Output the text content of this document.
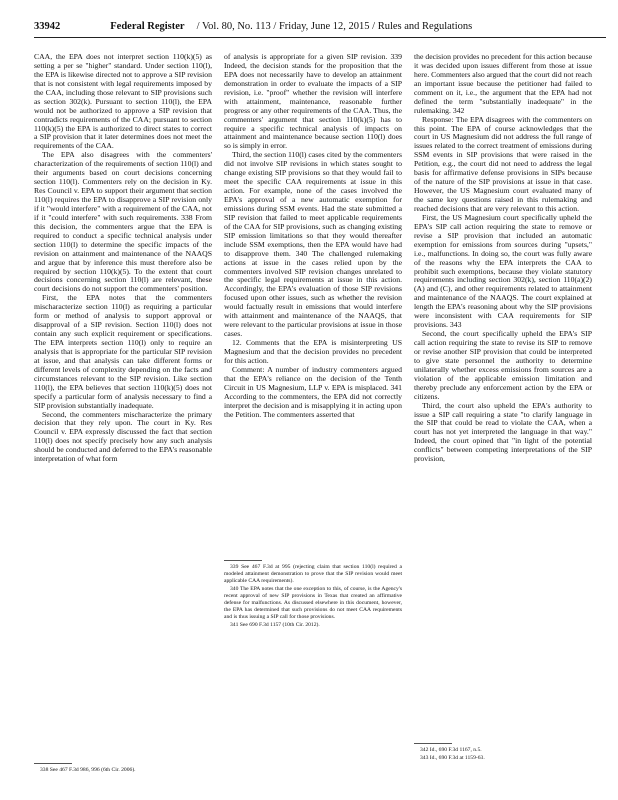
33942	Federal Register / Vol. 80, No. 113 / Friday, June 12, 2015 / Rules and Regulations

CAA, the EPA does not interpret section 110(k)(5) as setting a per se "higher" standard. Under section 110(l), the EPA is likewise directed not to approve a SIP revision that is not consistent with legal requirements imposed by the CAA, including those relevant to SIP provisions such as section 302(k). Pursuant to section 110(l), the EPA would not be authorized to approve a SIP revision that contradicts requirements of the CAA; pursuant to section 110(k)(5) the EPA is authorized to direct states to correct a SIP provision that it later determines does not meet the requirements of the CAA.

The EPA also disagrees with the commenters' characterization of the requirements of section 110(l) and their arguments based on court decisions concerning section 110(l). Commenters rely on the decision in Ky. Res Council v. EPA to support their argument that section 110(l) requires the EPA to disapprove a SIP revision only if it "would interfere" with a requirement of the CAA, not if it "could interfere" with such requirements. 338 From this decision, the commenters argue that the EPA is required to conduct a specific technical analysis under section 110(l) to determine the specific impacts of the revision on attainment and maintenance of the NAAQS and argue that by inference this must therefore also be required by section 110(k)(5). To the extent that court decisions concerning section 110(l) are relevant, these court decisions do not support the commenters' position.

First, the EPA notes that the commenters mischaracterize section 110(l) as requiring a particular form or method of analysis to support approval or disapproval of a SIP revision. Section 110(l) does not contain any such explicit requirement or specifications. The EPA interprets section 110(l) only to require an analysis that is appropriate for the particular SIP revision at issue, and that analysis can take different forms or different levels of complexity depending on the facts and circumstances relevant to the SIP revision. Like section 110(l), the EPA believes that section 110(k)(5) does not specify a particular form of analysis necessary to find a SIP provision substantially inadequate.

Second, the commenters mischaracterize the primary decision that they rely upon. The court in Ky. Res Council v. EPA expressly discussed the fact that section 110(l) does not specify precisely how any such analysis should be conducted and deferred to the EPA's reasonable interpretation of what form

of analysis is appropriate for a given SIP revision. 339 Indeed, the decision stands for the proposition that the EPA does not necessarily have to develop an attainment demonstration in order to evaluate the impacts of a SIP revision, i.e. "proof" whether the revision will interfere with attainment, maintenance, reasonable further progress or any other requirements of the CAA. Thus, the commenters' argument that section 110(k)(5) has to require a specific technical analysis of impacts on attainment and maintenance because section 110(l) does so is simply in error.

Third, the section 110(l) cases cited by the commenters did not involve SIP revisions in which states sought to change existing SIP provisions so that they would fail to meet the specific CAA requirements at issue in this action. For example, none of the cases involved the EPA's approval of a new automatic exemption for emissions during SSM events. Had the state submitted a SIP revision that failed to meet applicable requirements of the CAA for SIP provisions, such as changing existing SIP emission limitations so that they would thereafter include SSM exemptions, then the EPA would have had to disapprove them. 340 The challenged rulemaking actions at issue in the cases relied upon by the commenters involved SIP revision changes unrelated to the specific legal requirements at issue in this action. Accordingly, the EPA's evaluation of those SIP revisions focused upon other issues, such as whether the revision would factually result in emissions that would interfere with attainment and maintenance of the NAAQS, that were relevant to the particular provisions at issue in those cases.

12. Comments that the EPA is misinterpreting US Magnesium and that the decision provides no precedent for this action.

Comment: A number of industry commenters argued that the EPA's reliance on the decision of the Tenth Circuit in US Magnesium, LLP v. EPA is misplaced. 341 According to the commenters, the EPA did not correctly interpret the decision and is misapplying it in acting upon the Petition. The commenters asserted that

the decision provides no precedent for this action because it was decided upon issues different from those at issue here. Commenters also argued that the court did not reach an important issue because the petitioner had failed to comment on it, i.e., the argument that the EPA had not defined the term "substantially inadequate" in the rulemaking. 342

Response: The EPA disagrees with the commenters on this point. The EPA of course acknowledges that the court in US Magnesium did not address the full range of issues related to the correct treatment of emissions during SSM events in SIP provisions that were raised in the Petition, e.g., the court did not need to address the legal basis for affirmative defense provisions in SIPs because of the nature of the SIP provisions at issue in that case. However, the US Magnesium court evaluated many of the same key questions raised in this rulemaking and reached decisions that are very relevant to this action.

First, the US Magnesium court specifically upheld the EPA's SIP call action requiring the state to remove or revise a SIP provision that included an automatic exemption for emissions from sources during "upsets," i.e., malfunctions. In doing so, the court was fully aware of the reasons why the EPA interprets the CAA to prohibit such exemptions, because they violate statutory requirements including section 302(k), section 110(a)(2)(A) and (C), and other requirements related to attainment and maintenance of the NAAQS. The court explained at length the EPA's reasoning about why the SIP provisions were inconsistent with CAA requirements for SIP provisions. 343

Second, the court specifically upheld the EPA's SIP call action requiring the state to revise its SIP to remove or revise another SIP provision that could be interpreted to give state personnel the authority to determine unilaterally whether excess emissions from sources are a violation of the applicable emission limitation and thereby preclude any enforcement action by the EPA or citizens.

Third, the court also upheld the EPA's authority to issue a SIP call requiring a state "to clarify language in the SIP that could be read to violate the CAA, when a court has not yet interpreted the language in that way." Indeed, the court opined that "in light of the potential conflicts" between competing interpretations of the SIP provision,

338 See 467 F.3d 986, 996 (6th Cir. 2006).

339 See 467 F.3d at 995 (rejecting claim that section 110(l) required a modeled attainment demonstration to prove that the SIP revision would meet applicable CAA requirements).

340 The EPA notes that the one exception to this, of course, is the Agency's recent approval of new SIP provisions in Texas that created an affirmative defense for malfunctions. As discussed elsewhere in this document, however, the EPA has determined that such provisions do not meet CAA requirements and is thus issuing a SIP call for those provisions.

341 See 690 F.3d 1157 (10th Cir. 2012).

342 Id., 690 F.3d 1167, n.5.

343 Id., 690 F.3d at 1159-63.
